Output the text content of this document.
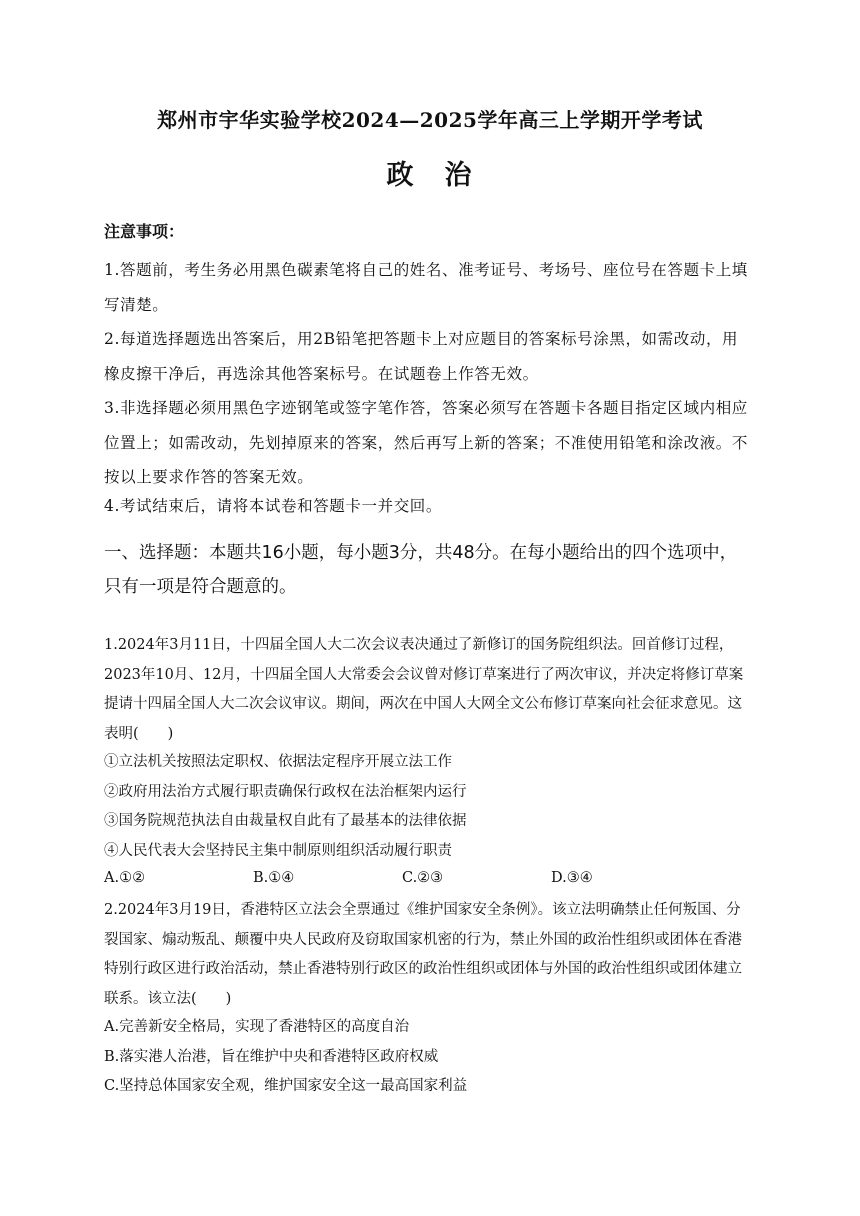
郑州市宇华实验学校2024—2025学年高三上学期开学考试
政　治
注意事项：

1.答题前，考生务必用黑色碳素笔将自己的姓名、准考证号、考场号、座位号在答题卡上填写清楚。

2.每道选择题选出答案后，用2B铅笔把答题卡上对应题目的答案标号涂黑，如需改动，用橡皮擦干净后，再选涂其他答案标号。在试题卷上作答无效。

3.非选择题必须用黑色字迹钢笔或签字笔作答，答案必须写在答题卡各题目指定区域内相应位置上；如需改动，先划掉原来的答案，然后再写上新的答案；不准使用铅笔和涂改液。不按以上要求作答的答案无效。

4.考试结束后，请将本试卷和答题卡一并交回。

一、选择题：本题共16小题，每小题3分，共48分。在每小题给出的四个选项中，只有一项是符合题意的。

1.2024年3月11日，十四届全国人大二次会议表决通过了新修订的国务院组织法。回首修订过程，2023年10月、12月，十四届全国人大常委会会议曾对修订草案进行了两次审议，并决定将修订草案提请十四届全国人大二次会议审议。期间，两次在中国人大网全文公布修订草案向社会征求意见。这表明(　　)

①立法机关按照法定职权、依据法定程序开展立法工作

②政府用法治方式履行职责确保行政权在法治框架内运行

③国务院规范执法自由裁量权自此有了最基本的法律依据

④人民代表大会坚持民主集中制原则组织活动履行职责

A.①②	B.①④	C.②③	D.③④

2.2024年3月19日，香港特区立法会全票通过《维护国家安全条例》。该立法明确禁止任何叛国、分裂国家、煽动叛乱、颠覆中央人民政府及窃取国家机密的行为，禁止外国的政治性组织或团体在香港特别行政区进行政治活动，禁止香港特别行政区的政治性组织或团体与外国的政治性组织或团体建立联系。该立法(　　)

A.完善新安全格局，实现了香港特区的高度自治

B.落实港人治港，旨在维护中央和香港特区政府权威

C.坚持总体国家安全观，维护国家安全这一最高国家利益
